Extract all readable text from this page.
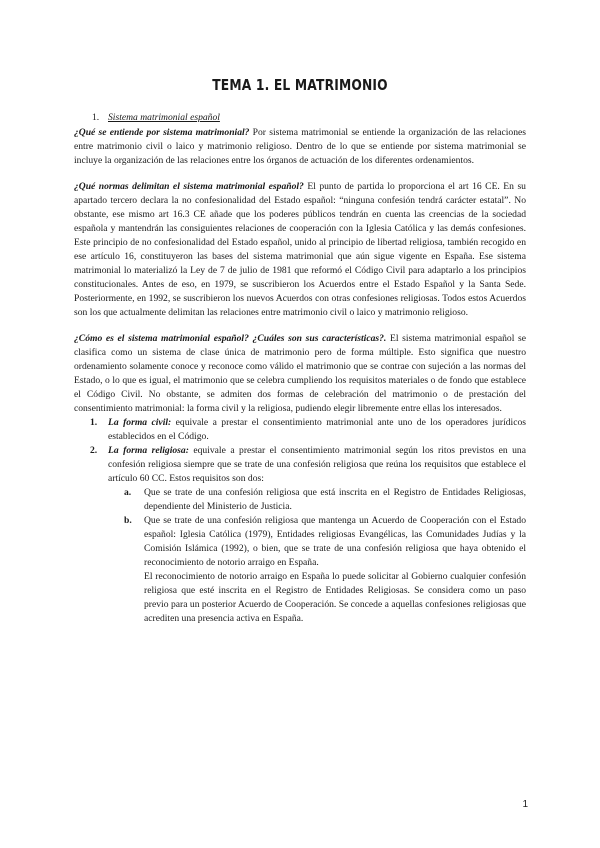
TEMA 1. EL MATRIMONIO

1. Sistema matrimonial español

¿Qué se entiende por sistema matrimonial? Por sistema matrimonial se entiende la organización de las relaciones entre matrimonio civil o laico y matrimonio religioso. Dentro de lo que se entiende por sistema matrimonial se incluye la organización de las relaciones entre los órganos de actuación de los diferentes ordenamientos.

¿Qué normas delimitan el sistema matrimonial español? El punto de partida lo proporciona el art 16 CE. En su apartado tercero declara la no confesionalidad del Estado español: “ninguna confesión tendrá carácter estatal”. No obstante, ese mismo art 16.3 CE añade que los poderes públicos tendrán en cuenta las creencias de la sociedad española y mantendrán las consiguientes relaciones de cooperación con la Iglesia Católica y las demás confesiones. Este principio de no confesionalidad del Estado español, unido al principio de libertad religiosa, también recogido en ese artículo 16, constituyeron las bases del sistema matrimonial que aún sigue vigente en España. Ese sistema matrimonial lo materializó la Ley de 7 de julio de 1981 que reformó el Código Civil para adaptarlo a los principios constitucionales. Antes de eso, en 1979, se suscribieron los Acuerdos entre el Estado Español y la Santa Sede. Posteriormente, en 1992, se suscribieron los nuevos Acuerdos con otras confesiones religiosas. Todos estos Acuerdos son los que actualmente delimitan las relaciones entre matrimonio civil o laico y matrimonio religioso.

¿Cómo es el sistema matrimonial español? ¿Cuáles son sus características?. El sistema matrimonial español se clasifica como un sistema de clase única de matrimonio pero de forma múltiple. Esto significa que nuestro ordenamiento solamente conoce y reconoce como válido el matrimonio que se contrae con sujeción a las normas del Estado, o lo que es igual, el matrimonio que se celebra cumpliendo los requisitos materiales o de fondo que establece el Código Civil. No obstante, se admiten dos formas de celebración del matrimonio o de prestación del consentimiento matrimonial: la forma civil y la religiosa, pudiendo elegir libremente entre ellas los interesados.

1. La forma civil: equivale a prestar el consentimiento matrimonial ante uno de los operadores jurídicos establecidos en el Código.
2. La forma religiosa: equivale a prestar el consentimiento matrimonial según los ritos previstos en una confesión religiosa siempre que se trate de una confesión religiosa que reúna los requisitos que establece el artículo 60 CC. Estos requisitos son dos:
a. Que se trate de una confesión religiosa que está inscrita en el Registro de Entidades Religiosas, dependiente del Ministerio de Justicia.
b. Que se trate de una confesión religiosa que mantenga un Acuerdo de Cooperación con el Estado español: Iglesia Católica (1979), Entidades religiosas Evangélicas, las Comunidades Judías y la Comisión Islámica (1992), o bien, que se trate de una confesión religiosa que haya obtenido el reconocimiento de notorio arraigo en España.

El reconocimiento de notorio arraigo en España lo puede solicitar al Gobierno cualquier confesión religiosa que esté inscrita en el Registro de Entidades Religiosas. Se considera como un paso previo para un posterior Acuerdo de Cooperación. Se concede a aquellas confesiones religiosas que acrediten una presencia activa en España.

1
